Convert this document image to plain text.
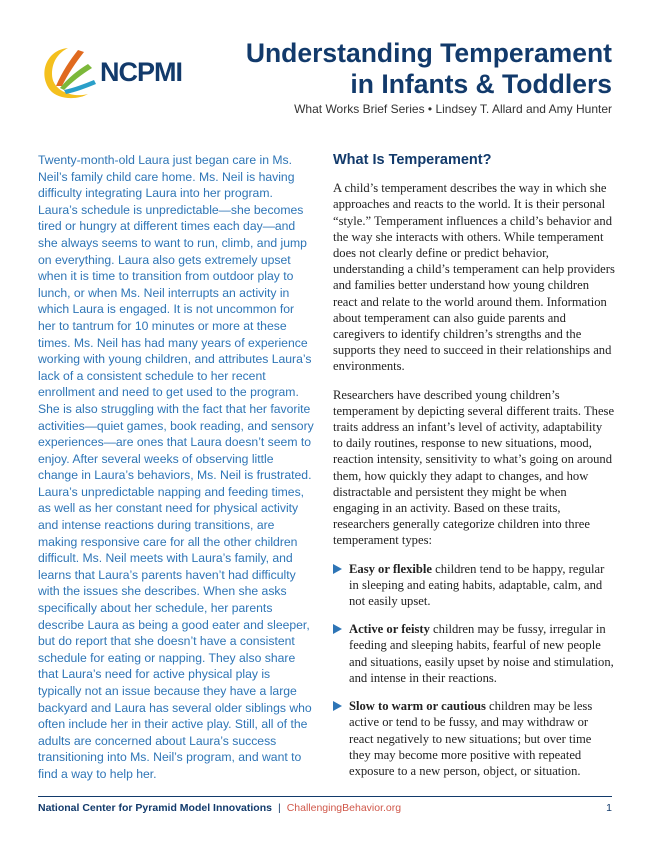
NCPMI
Understanding Temperament
in Infants & Toddlers
What Works Brief Series • Lindsey T. Allard and Amy Hunter
Twenty-month-old Laura just began care in Ms. Neil’s family child care home. Ms. Neil is having difficulty integrating Laura into her program. Laura’s schedule is unpredictable—she becomes tired or hungry at different times each day—and she always seems to want to run, climb, and jump on everything. Laura also gets extremely upset when it is time to transition from outdoor play to lunch, or when Ms. Neil interrupts an activity in which Laura is engaged. It is not uncommon for her to tantrum for 10 minutes or more at these times. Ms. Neil has had many years of experience working with young children, and attributes Laura’s lack of a consistent schedule to her recent enrollment and need to get used to the program. She is also struggling with the fact that her favorite activities—quiet games, book reading, and sensory experiences—are ones that Laura doesn’t seem to enjoy. After several weeks of observing little change in Laura’s behaviors, Ms. Neil is frustrated. Laura’s unpredictable napping and feeding times, as well as her constant need for physical activity and intense reactions during transitions, are making responsive care for all the other children difficult. Ms. Neil meets with Laura’s family, and learns that Laura’s parents haven’t had difficulty with the issues she describes. When she asks specifically about her schedule, her parents describe Laura as being a good eater and sleeper, but do report that she doesn’t have a consistent schedule for eating or napping. They also share that Laura’s need for active physical play is typically not an issue because they have a large backyard and Laura has several older siblings who often include her in their active play. Still, all of the adults are concerned about Laura’s success transitioning into Ms. Neil’s program, and want to find a way to help her.
What Is Temperament?

A child’s temperament describes the way in which she approaches and reacts to the world. It is their personal “style.” Temperament influences a child’s behavior and the way she interacts with others. While temperament does not clearly define or predict behavior, understanding a child’s temperament can help providers and families better understand how young children react and relate to the world around them. Information about temperament can also guide parents and caregivers to identify children’s strengths and the supports they need to succeed in their relationships and environments.

Researchers have described young children’s temperament by depicting several different traits. These traits address an infant’s level of activity, adaptability to daily routines, response to new situations, mood, reaction intensity, sensitivity to what’s going on around them, how quickly they adapt to changes, and how distractable and persistent they might be when engaging in an activity. Based on these traits, researchers generally categorize children into three temperament types:

Easy or flexible children tend to be happy, regular in sleeping and eating habits, adaptable, calm, and not easily upset.
Active or feisty children may be fussy, irregular in feeding and sleeping habits, fearful of new people and situations, easily upset by noise and stimulation, and intense in their reactions.
Slow to warm or cautious children may be less active or tend to be fussy, and may withdraw or react negatively to new situations; but over time they may become more positive with repeated exposure to a new person, object, or situation.
National Center for Pyramid Model Innovations | ChallengingBehavior.org	1
